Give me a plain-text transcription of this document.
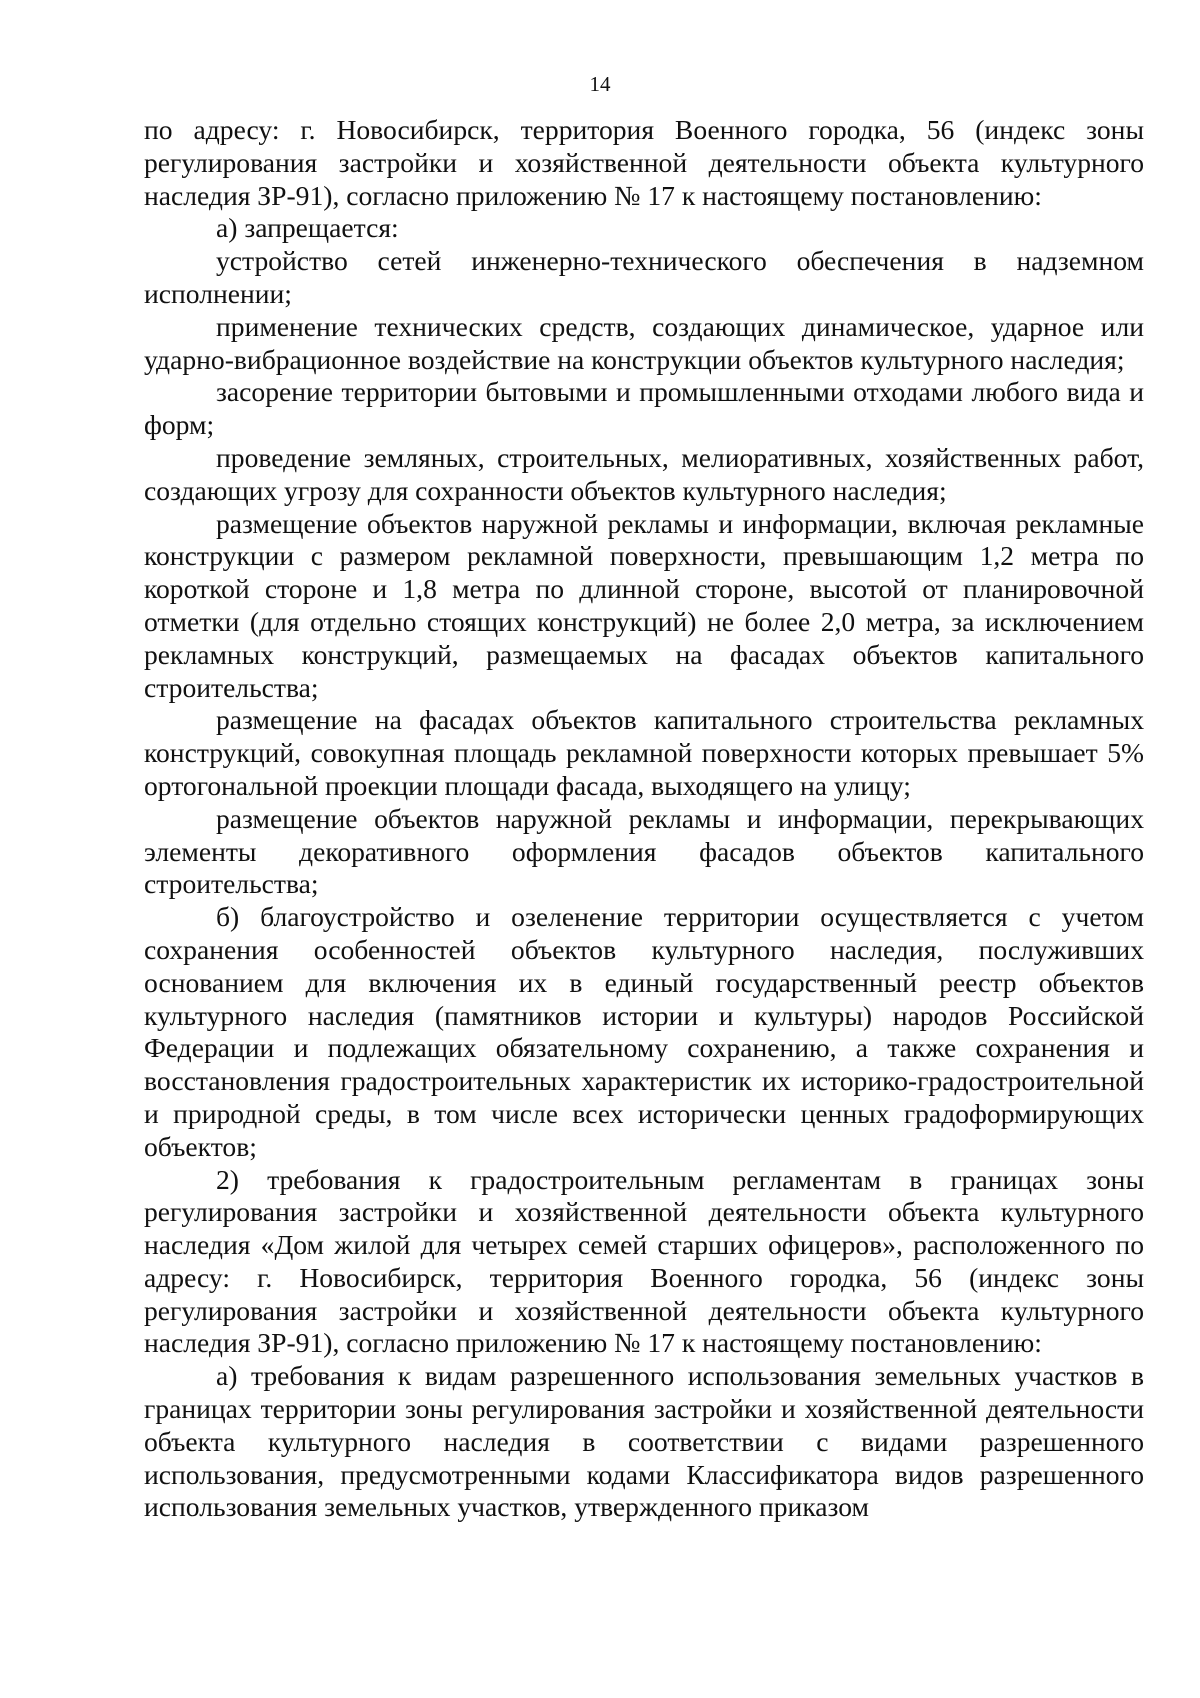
14

по адресу: г. Новосибирск, территория Военного городка, 56 (индекс зоны регулирования застройки и хозяйственной деятельности объекта культурного наследия ЗР-91), согласно приложению № 17 к настоящему постановлению:

а) запрещается:

устройство сетей инженерно-технического обеспечения в надземном исполнении;

применение технических средств, создающих динамическое, ударное или ударно-вибрационное воздействие на конструкции объектов культурного наследия;

засорение территории бытовыми и промышленными отходами любого вида и форм;

проведение земляных, строительных, мелиоративных, хозяйственных работ, создающих угрозу для сохранности объектов культурного наследия;

размещение объектов наружной рекламы и информации, включая рекламные конструкции с размером рекламной поверхности, превышающим 1,2 метра по короткой стороне и 1,8 метра по длинной стороне, высотой от планировочной отметки (для отдельно стоящих конструкций) не более 2,0 метра, за исключением рекламных конструкций, размещаемых на фасадах объектов капитального строительства;

размещение на фасадах объектов капитального строительства рекламных конструкций, совокупная площадь рекламной поверхности которых превышает 5% ортогональной проекции площади фасада, выходящего на улицу;

размещение объектов наружной рекламы и информации, перекрывающих элементы декоративного оформления фасадов объектов капитального строительства;

б) благоустройство и озеленение территории осуществляется с учетом сохранения особенностей объектов культурного наследия, послуживших основанием для включения их в единый государственный реестр объектов культурного наследия (памятников истории и культуры) народов Российской Федерации и подлежащих обязательному сохранению, а также сохранения и восстановления градостроительных характеристик их историко-градостроительной и природной среды, в том числе всех исторически ценных градоформирующих объектов;

2) требования к градостроительным регламентам в границах зоны регулирования застройки и хозяйственной деятельности объекта культурного наследия «Дом жилой для четырех семей старших офицеров», расположенного по адресу: г. Новосибирск, территория Военного городка, 56 (индекс зоны регулирования застройки и хозяйственной деятельности объекта культурного наследия ЗР-91), согласно приложению № 17 к настоящему постановлению:

а) требования к видам разрешенного использования земельных участков в границах территории зоны регулирования застройки и хозяйственной деятельности объекта культурного наследия в соответствии с видами разрешенного использования, предусмотренными кодами Классификатора видов разрешенного использования земельных участков, утвержденного приказом
